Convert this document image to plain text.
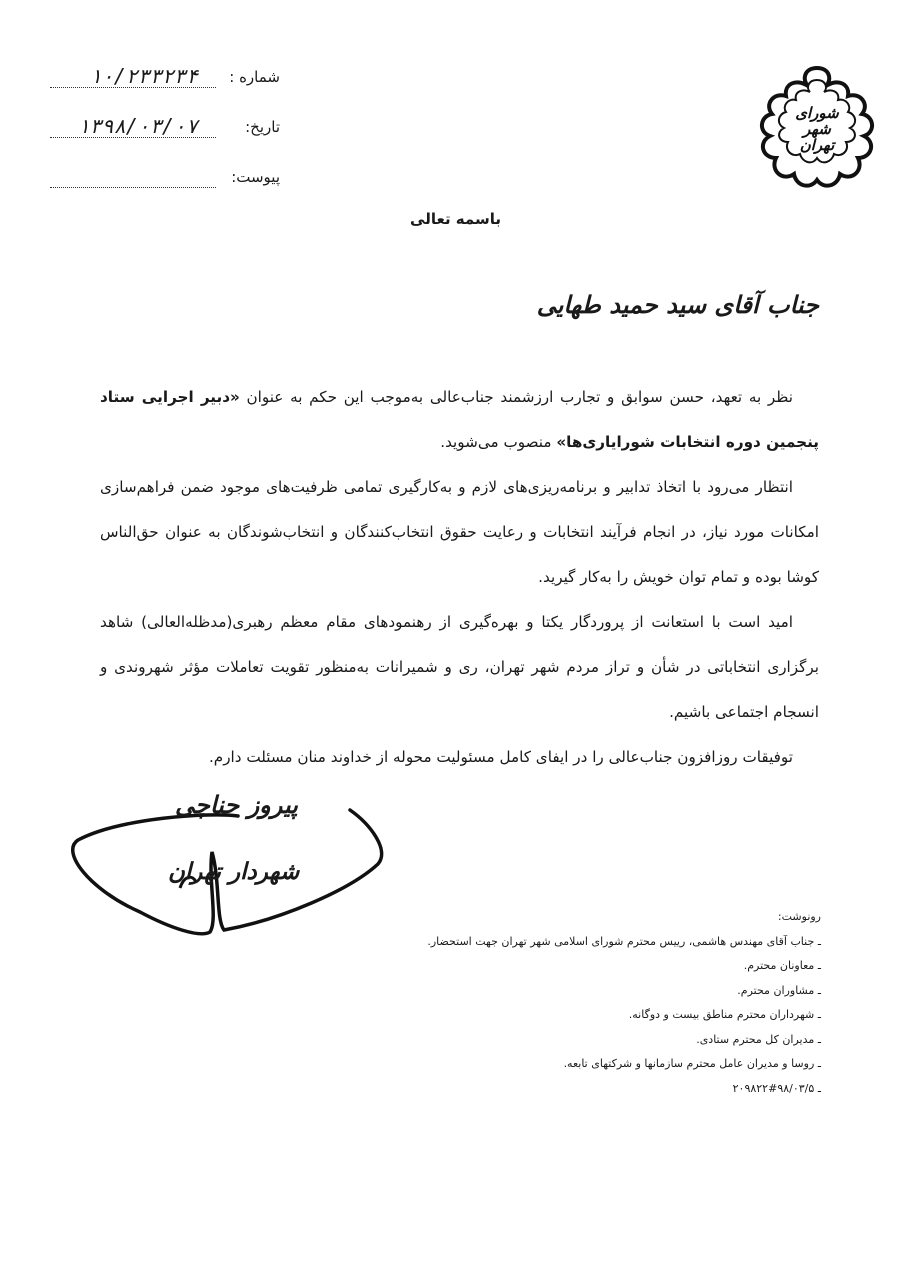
شماره :
۱۰/۲۳۳۲۳۴
تاریخ:
۱۳۹۸/۰۳/۰۷
پیوست:
شورای
شهر
تهران
باسمه تعالی
جناب آقای سید حمید طهایی

نظر به تعهد، حسن سوابق و تجارب ارزشمند جناب‌عالی به‌موجب این حکم به عنوان «دبیر اجرایی ستاد پنجمین دوره انتخابات شورایاری‌ها» منصوب می‌شوید.

انتظار می‌رود با اتخاذ تدابیر و برنامه‌ریزی‌های لازم و به‌کارگیری تمامی ظرفیت‌های موجود ضمن فراهم‌سازی امکانات مورد نیاز، در انجام فرآیند انتخابات و رعایت حقوق انتخاب‌کنندگان و انتخاب‌شوندگان به عنوان حق‌الناس کوشا بوده و تمام توان خویش را به‌کار گیرید.

امید است با استعانت از پروردگار یکتا و بهره‌گیری از رهنمودهای مقام معظم رهبری(مدظله‌العالی) شاهد برگزاری انتخاباتی در شأن و تراز مردم شهر تهران، ری و شمیرانات به‌منظور تقویت تعاملات مؤثر شهروندی و انسجام اجتماعی باشیم.

توفیقات روزافزون جناب‌عالی را در ایفای کامل مسئولیت محوله از خداوند منان مسئلت دارم.

پیروز حناچی
شهردار تهران
رونوشت:
ـ جناب آقای مهندس هاشمی، رییس محترم شورای اسلامی شهر تهران جهت استحضار.
ـ معاونان محترم.
ـ مشاوران محترم.
ـ شهرداران محترم مناطق بیست و دوگانه.
ـ مدیران کل محترم ستادی.
ـ روسا و مدیران عامل محترم سازمانها و شرکتهای تابعه.
ـ ۹۸/۰۳/۵#۲۰۹۸۲۲
